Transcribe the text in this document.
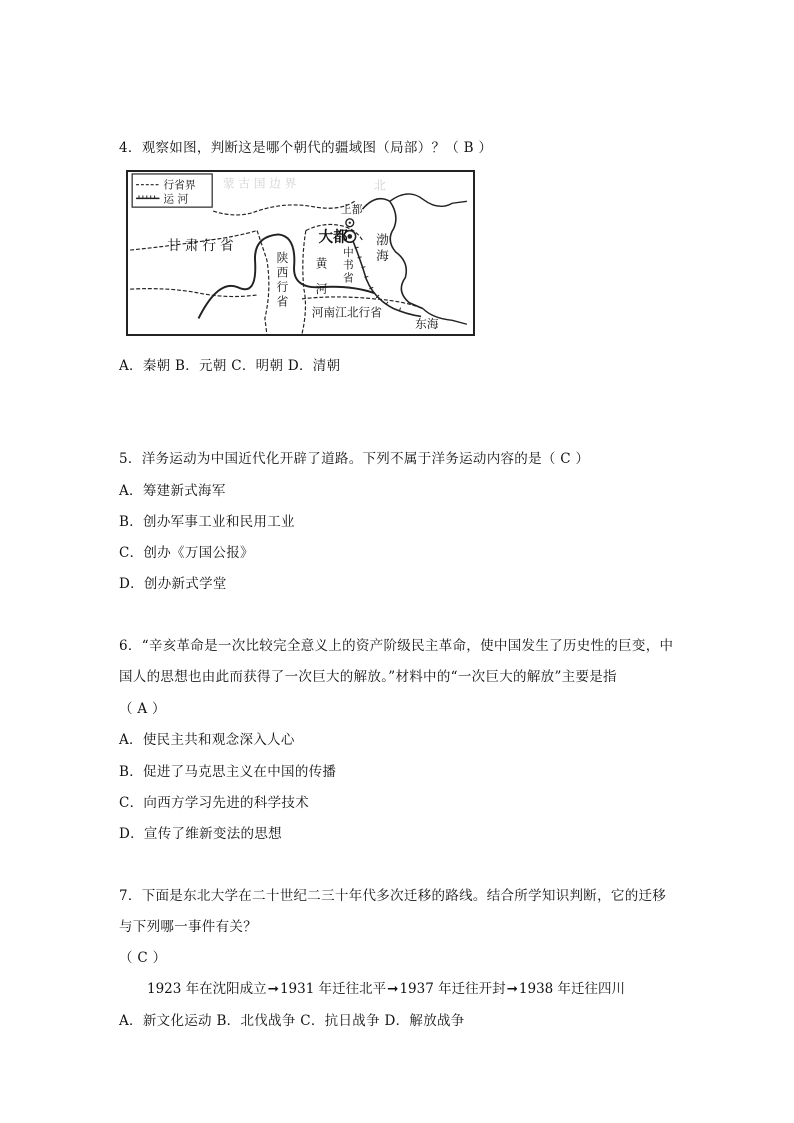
4．观察如图，判断这是哪个朝代的疆域图（局部）？（ B ）
行省界
运 河
蒙 古 国 边 界	北
上都
大都
甘肃行省
陕
西
行
省
黄
河
中
书
省
渤
海
河南江北行省
东海
A．秦朝 B．元朝 C．明朝 D．清朝
5．洋务运动为中国近代化开辟了道路。下列不属于洋务运动内容的是（ C ）
A．筹建新式海军
B．创办军事工业和民用工业
C．创办《万国公报》
D．创办新式学堂
6．“辛亥革命是一次比较完全意义上的资产阶级民主革命，使中国发生了历史性的巨变，中
国人的思想也由此而获得了一次巨大的解放。”材料中的“一次巨大的解放”主要是指
（ A ）
A．使民主共和观念深入人心
B．促进了马克思主义在中国的传播
C．向西方学习先进的科学技术
D．宣传了维新变法的思想
7．下面是东北大学在二十世纪二三十年代多次迁移的路线。结合所学知识判断，它的迁移
与下列哪一事件有关？
（ C ）
1923 年在沈阳成立➞1931 年迁往北平➞1937 年迁往开封➞1938 年迁往四川
A．新文化运动 B．北伐战争 C．抗日战争 D．解放战争
